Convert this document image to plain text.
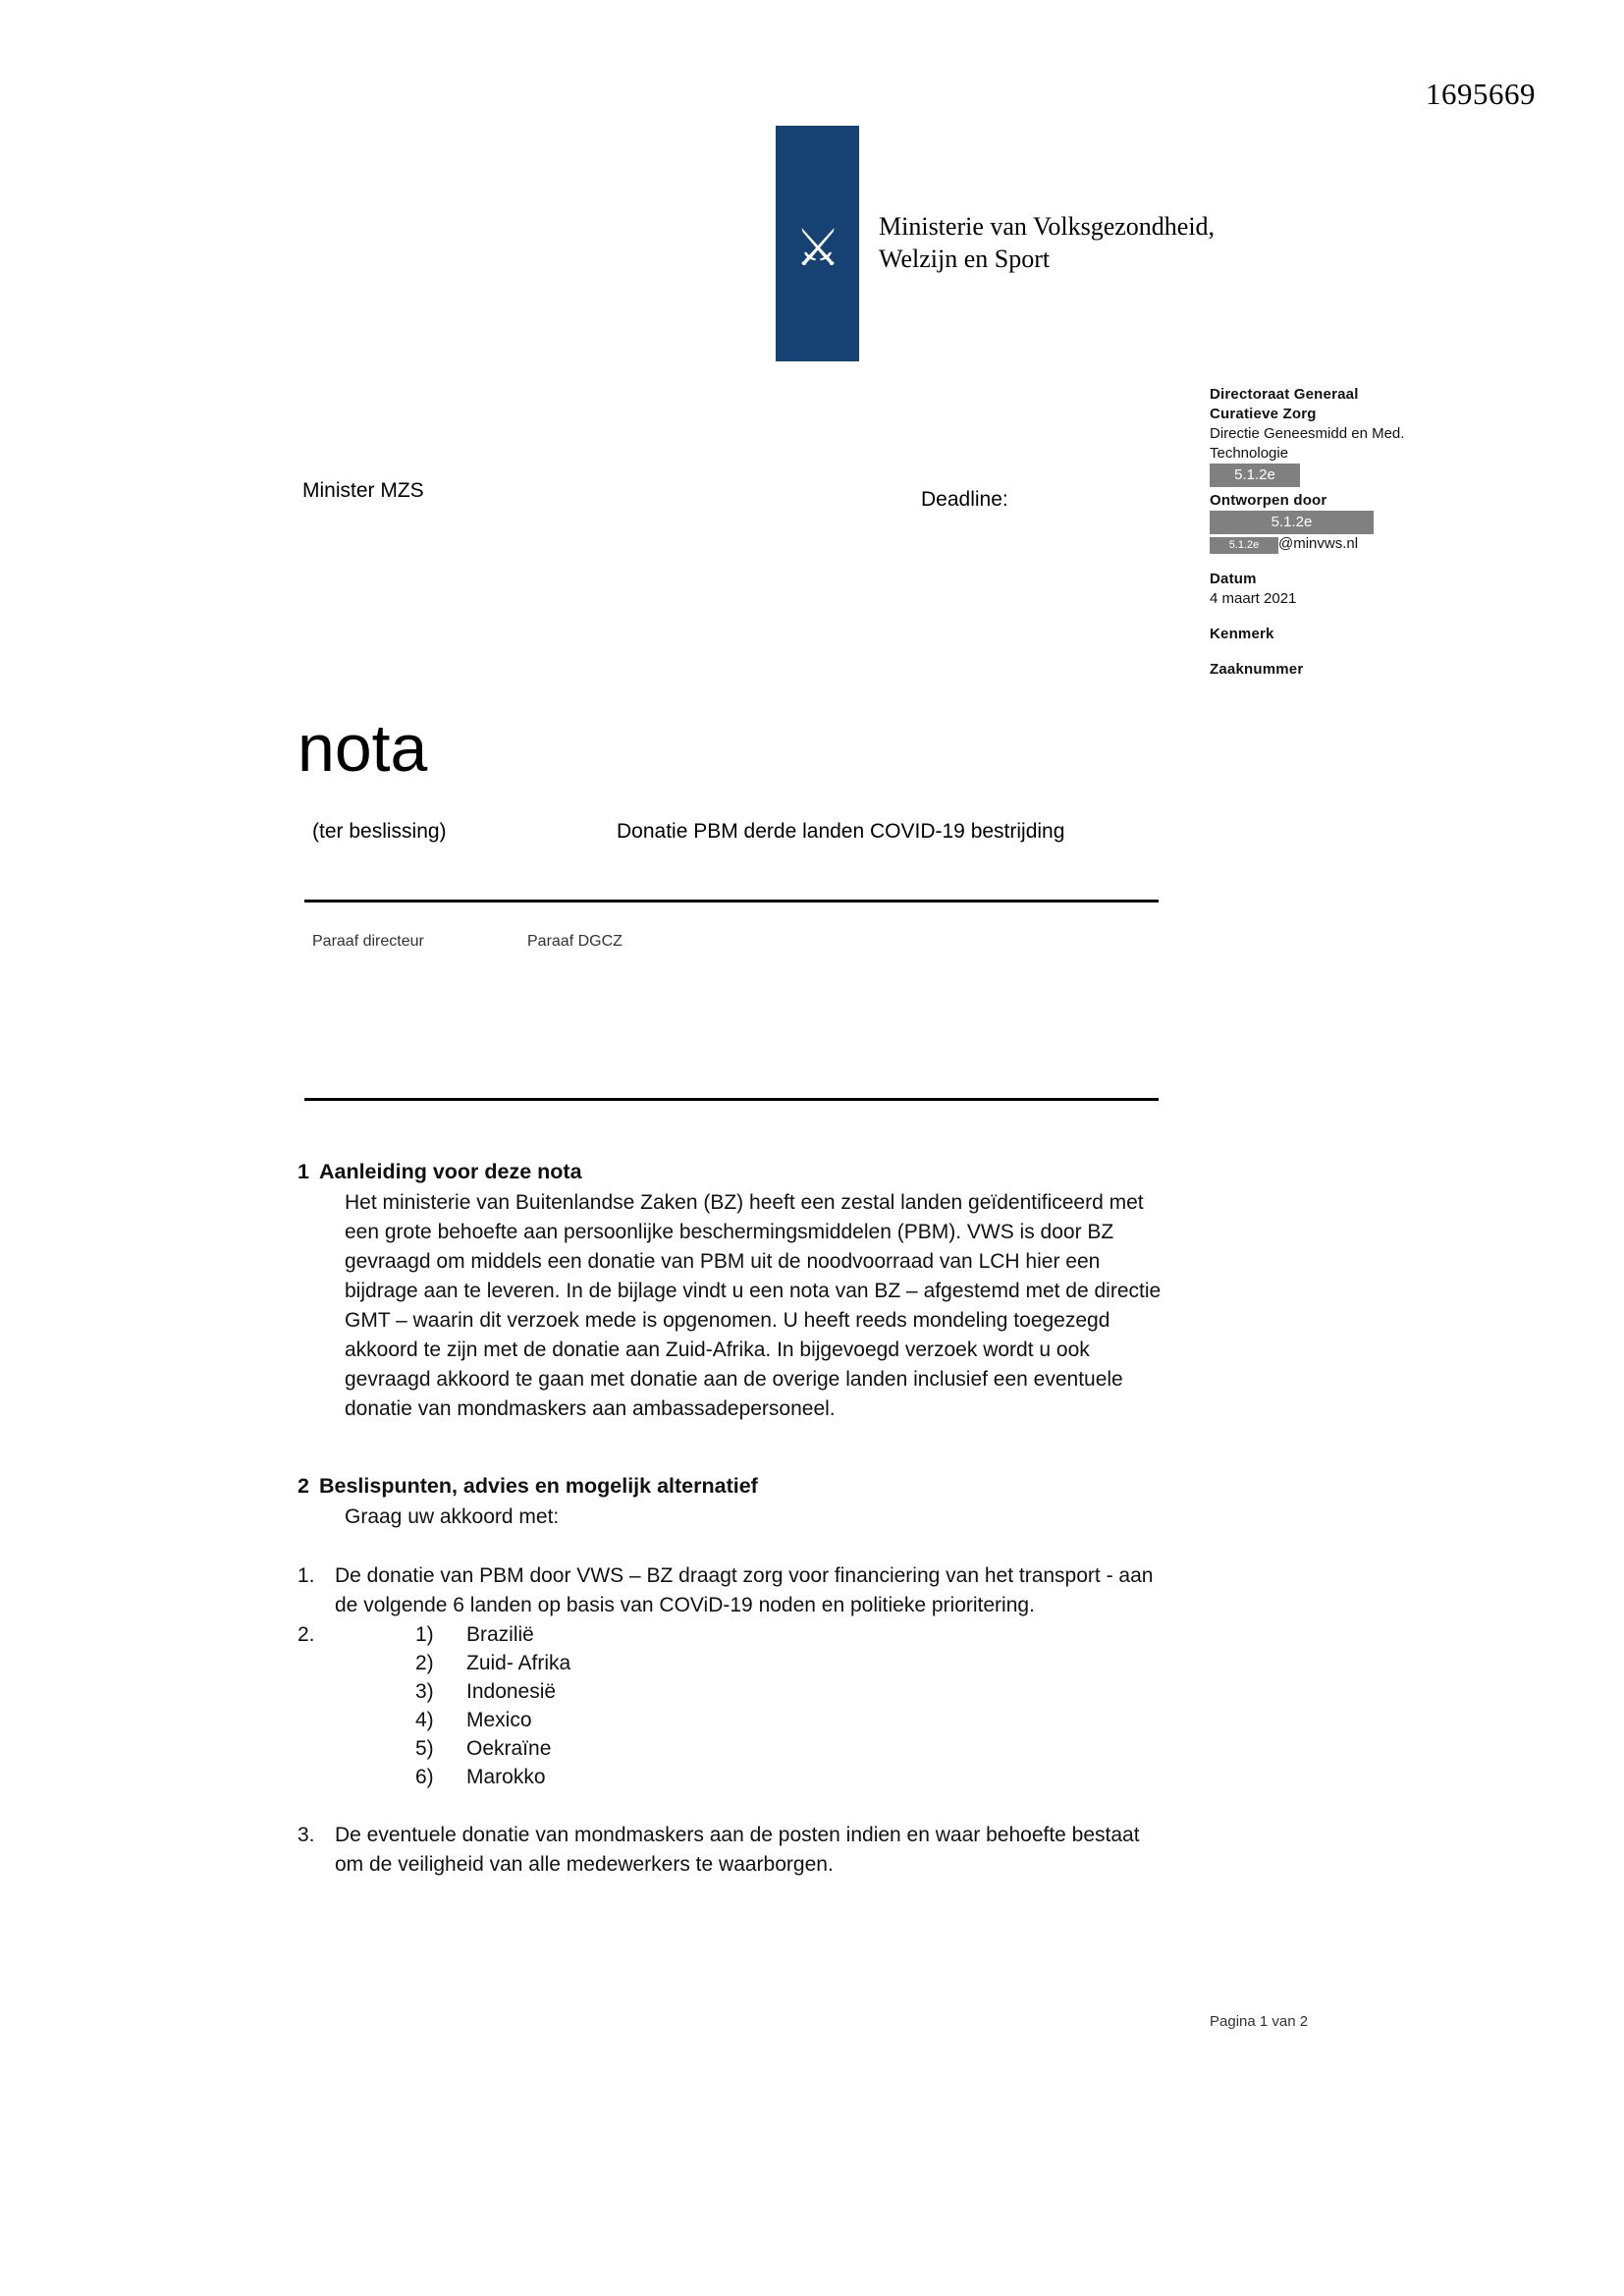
1695669
⚔	Ministerie van Volksgezondheid,
Welzijn en Sport
Directoraat Generaal
Curatieve Zorg
Directie Geneesmidd en Med.
Technologie
5.1.2e
Ontworpen door
5.1.2e
5.1.2e @minvws.nl
Datum
4 maart 2021
Kenmerk
Zaaknummer
Minister MZS	Deadline:
nota
(ter beslissing)	Donatie PBM derde landen COVID-19 bestrijding
Paraaf directeur	Paraaf DGCZ
1 Aanleiding voor deze nota

Het ministerie van Buitenlandse Zaken (BZ) heeft een zestal landen geïdentificeerd met een grote behoefte aan persoonlijke beschermingsmiddelen (PBM). VWS is door BZ gevraagd om middels een donatie van PBM uit de noodvoorraad van LCH hier een bijdrage aan te leveren. In de bijlage vindt u een nota van BZ – afgestemd met de directie GMT – waarin dit verzoek mede is opgenomen. U heeft reeds mondeling toegezegd akkoord te zijn met de donatie aan Zuid-Afrika. In bijgevoegd verzoek wordt u ook gevraagd akkoord te gaan met donatie aan de overige landen inclusief een eventuele donatie van mondmaskers aan ambassadepersoneel.

2 Beslispunten, advies en mogelijk alternatief

Graag uw akkoord met:

1. De donatie van PBM door VWS – BZ draagt zorg voor financiering van het transport - aan de volgende 6 landen op basis van COViD-19 noden en politieke prioritering.
2.	1) Brazilië
2) Zuid- Afrika
3) Indonesië
4) Mexico
5) Oekraïne
6) Marokko
3. De eventuele donatie van mondmaskers aan de posten indien en waar behoefte bestaat om de veiligheid van alle medewerkers te waarborgen.
Pagina 1 van 2
